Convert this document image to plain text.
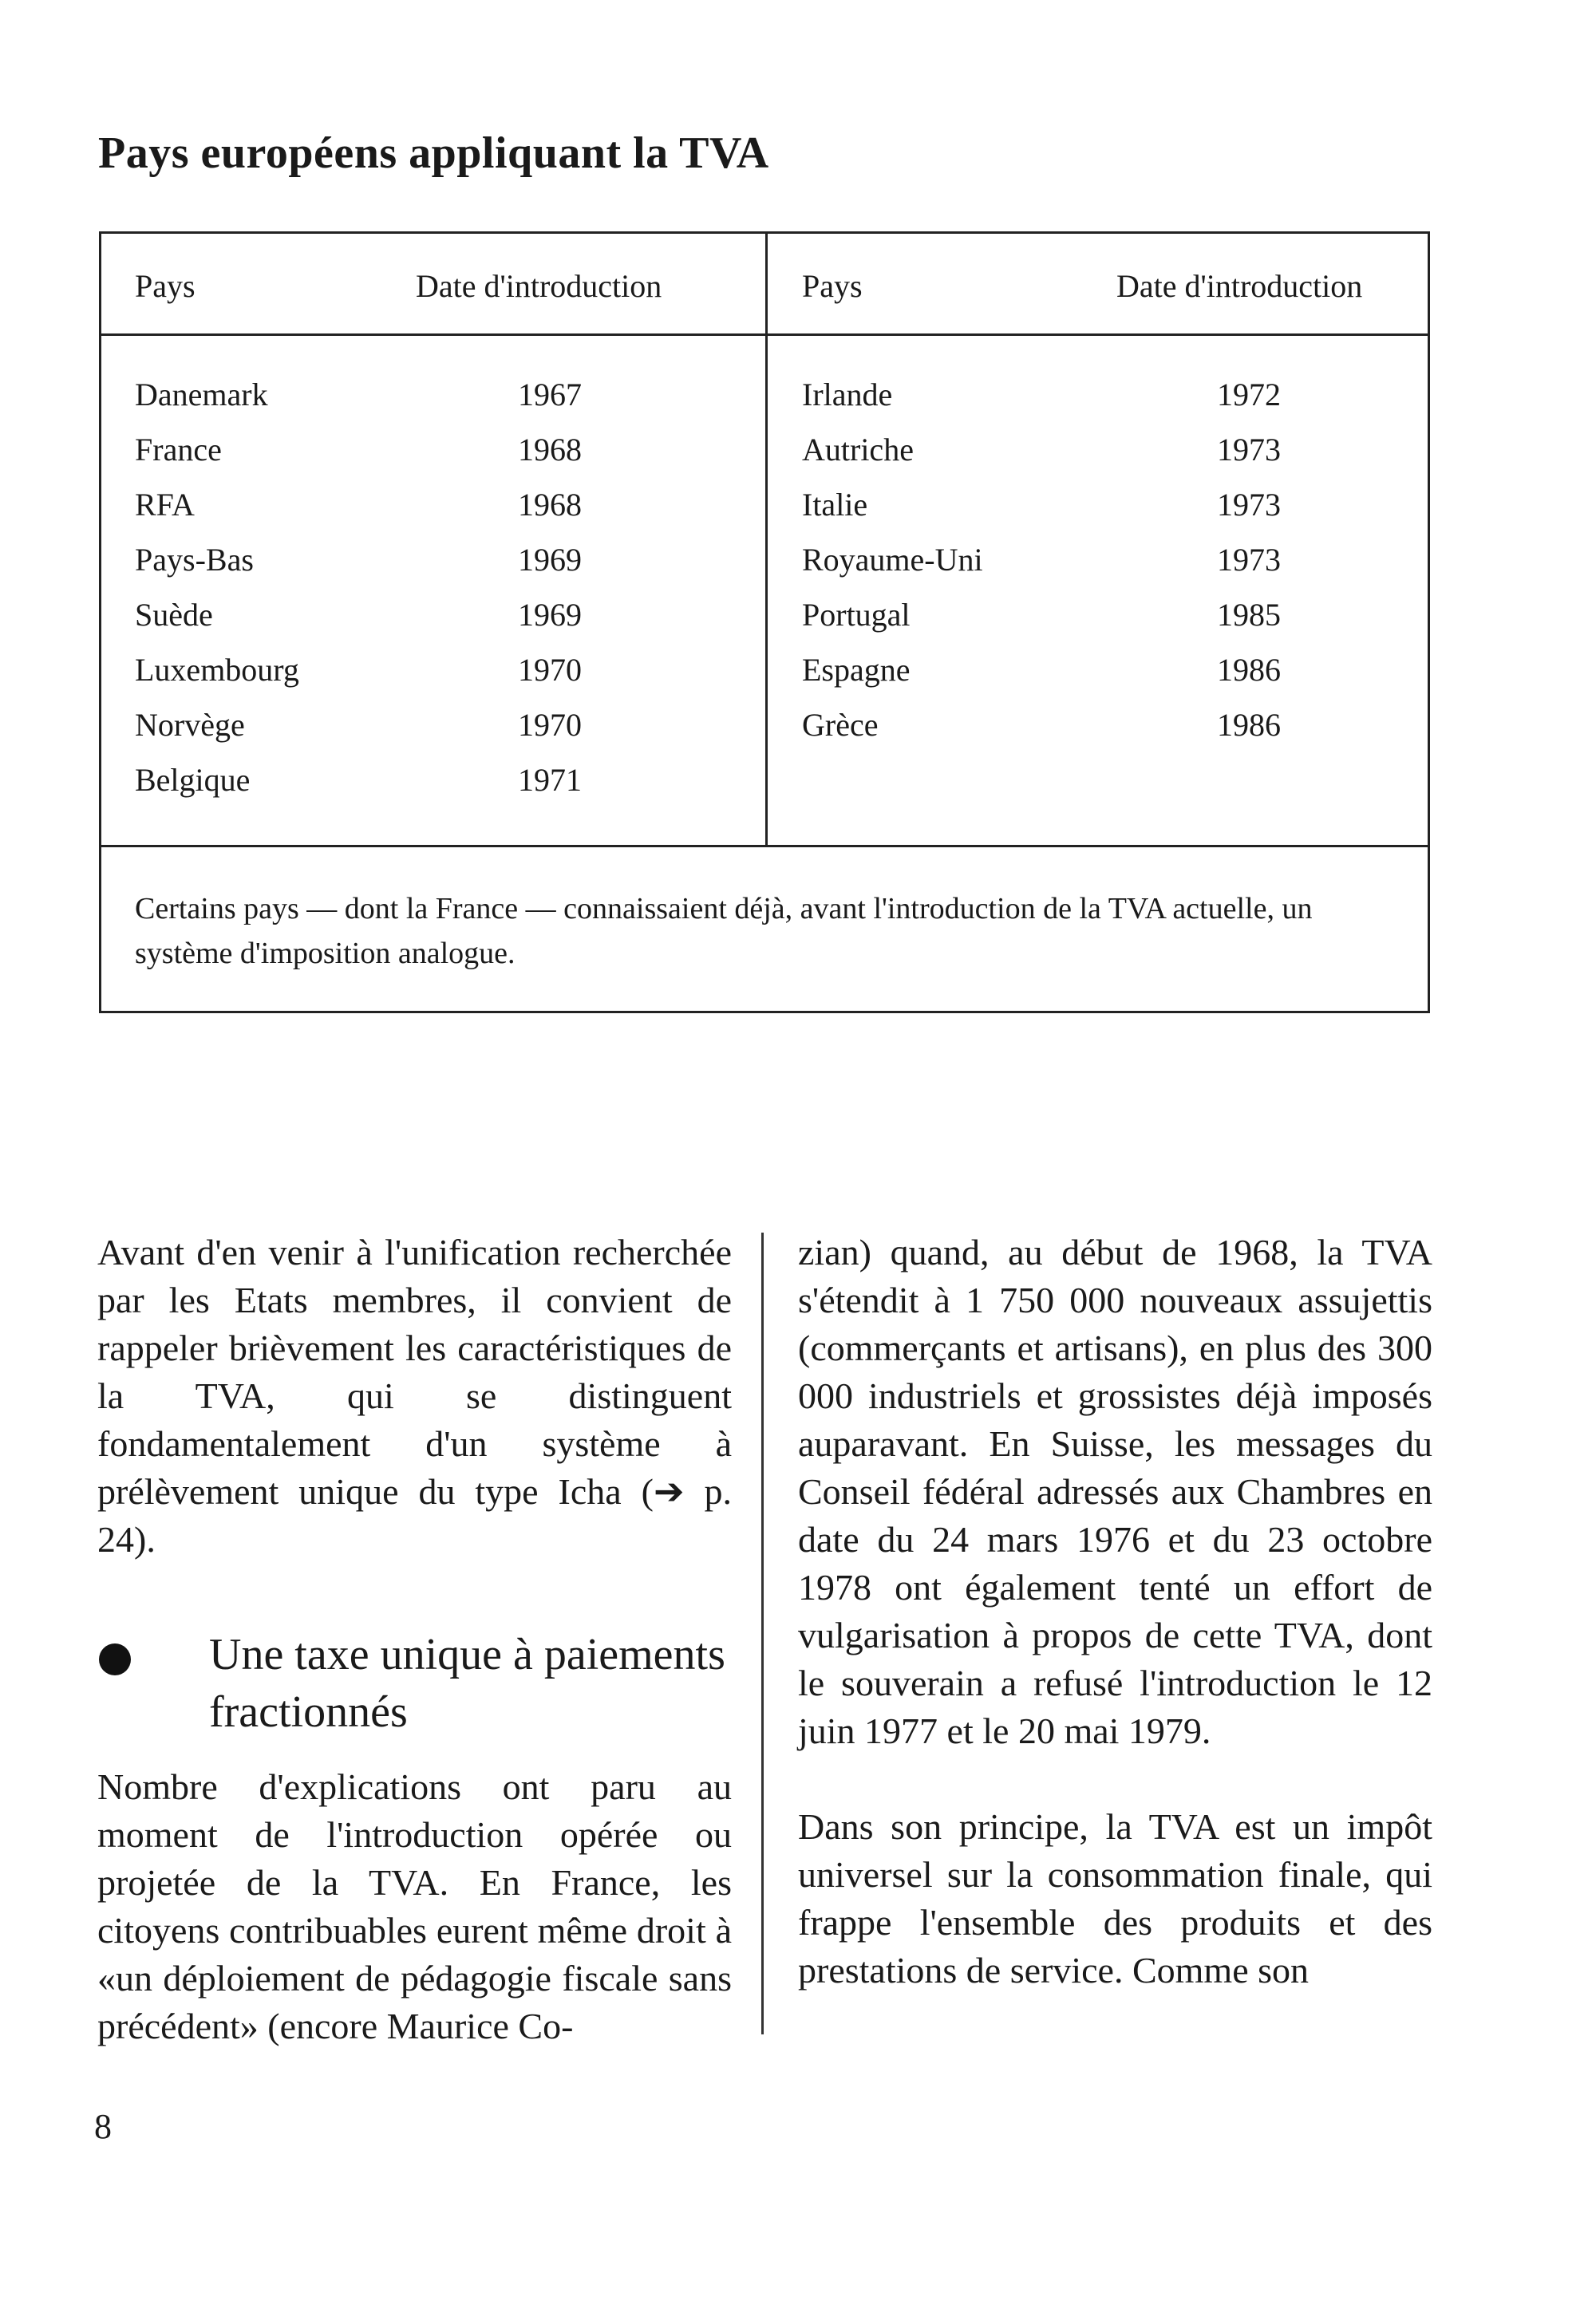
Pays européens appliquant la TVA
Pays	Date d'introduction	Pays	Date d'introduction
Danemark	1967
France	1968
RFA	1968
Pays-Bas	1969
Suède	1969
Luxembourg	1970
Norvège	1970
Belgique	1971
Irlande	1972
Autriche	1973
Italie	1973
Royaume-Uni	1973
Portugal	1985
Espagne	1986
Grèce	1986

Certains pays — dont la France — connaissaient déjà, avant l'introduction de la TVA actuelle, un système d'imposition analogue.

Avant d'en venir à l'unification recherchée par les Etats membres, il convient de rappeler brièvement les caractéristiques de la TVA, qui se distinguent fondamentalement d'un système à prélèvement unique du type Icha (➔ p. 24).

Une taxe unique à paiements fractionnés

Nombre d'explications ont paru au moment de l'introduction opérée ou projetée de la TVA. En France, les citoyens contribuables eurent même droit à «un déploiement de pédagogie fiscale sans précédent» (encore Maurice Co-

zian) quand, au début de 1968, la TVA s'étendit à 1 750 000 nouveaux assujettis (commerçants et artisans), en plus des 300 000 industriels et grossistes déjà imposés auparavant. En Suisse, les messages du Conseil fédéral adressés aux Chambres en date du 24 mars 1976 et du 23 octobre 1978 ont également tenté un effort de vulgarisation à propos de cette TVA, dont le souverain a refusé l'introduction le 12 juin 1977 et le 20 mai 1979.

Dans son principe, la TVA est un impôt universel sur la consommation finale, qui frappe l'ensemble des produits et des prestations de service. Comme son

8
